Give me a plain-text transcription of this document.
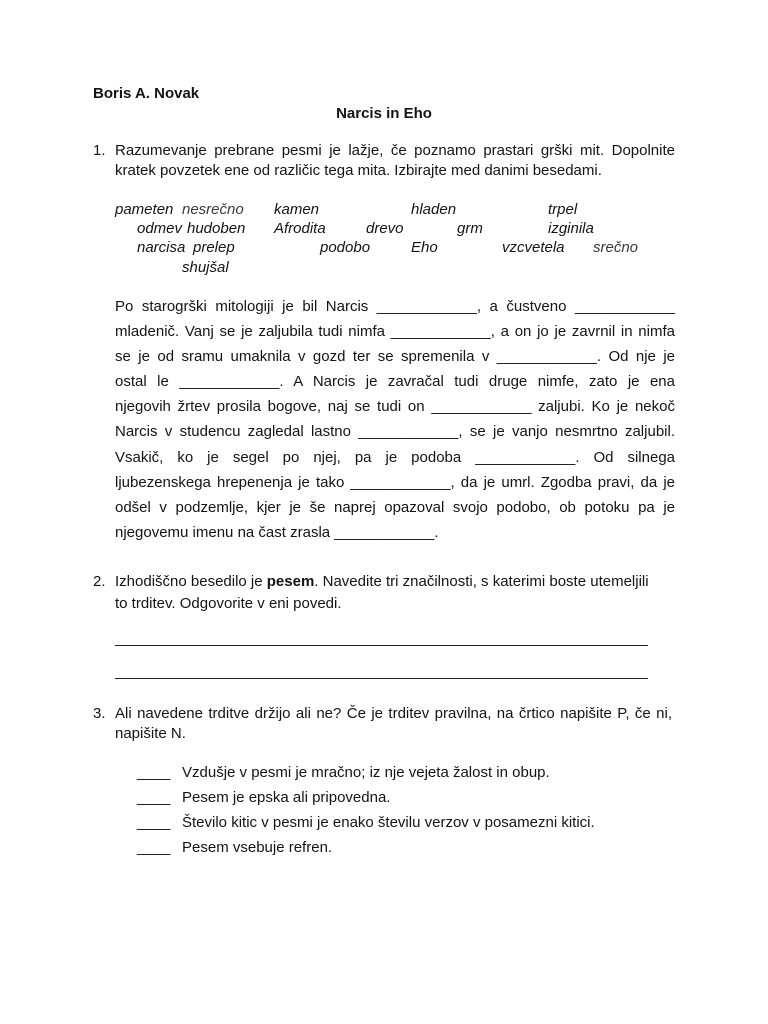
Boris A. Novak
Narcis in Eho
1. Razumevanje prebrane pesmi je lažje, če poznamo prastari grški mit. Dopolnite
kratek povzetek ene od različic tega mita. Izbirajte med danimi besedami.
pameten nesrečno kamen	hladen	trpel
odmev hudoben Afrodita	drevo	grm	izginila
narcisa prelep	podobo	Eho	vzcvetela srečno
shujšal
Po starogrški mitologiji je bil Narcis ____________, a čustveno ____________
mladenič. Vanj se je zaljubila tudi nimfa ____________, a on jo je zavrnil in nimfa
se je od sramu umaknila v gozd ter se spremenila v ____________. Od nje je
ostal le ____________. A Narcis je zavračal tudi druge nimfe, zato je ena
njegovih žrtev prosila bogove, naj se tudi on ____________ zaljubi. Ko je nekoč
Narcis v studencu zagledal lastno ____________, se je vanjo nesmrtno zaljubil.
Vsakič, ko je segel po njej, pa je podoba ____________. Od silnega
ljubezenskega hrepenenja je tako ____________, da je umrl. Zgodba pravi, da je
odšel v podzemlje, kjer je še naprej opazoval svojo podobo, ob potoku pa je
njegovemu imenu na čast zrasla ____________.
2. Izhodiščno besedilo je pesem. Navedite tri značilnosti, s katerimi boste utemeljili
to trditev. Odgovorite v eni povedi.
3. Ali navedene trditve držijo ali ne? Če je trditev pravilna, na črtico napišite P, če ni,
napišite N.
____ Vzdušje v pesmi je mračno; iz nje vejeta žalost in obup.
____ Pesem je epska ali pripovedna.
____ Število kitic v pesmi je enako številu verzov v posamezni kitici.
____ Pesem vsebuje refren.
